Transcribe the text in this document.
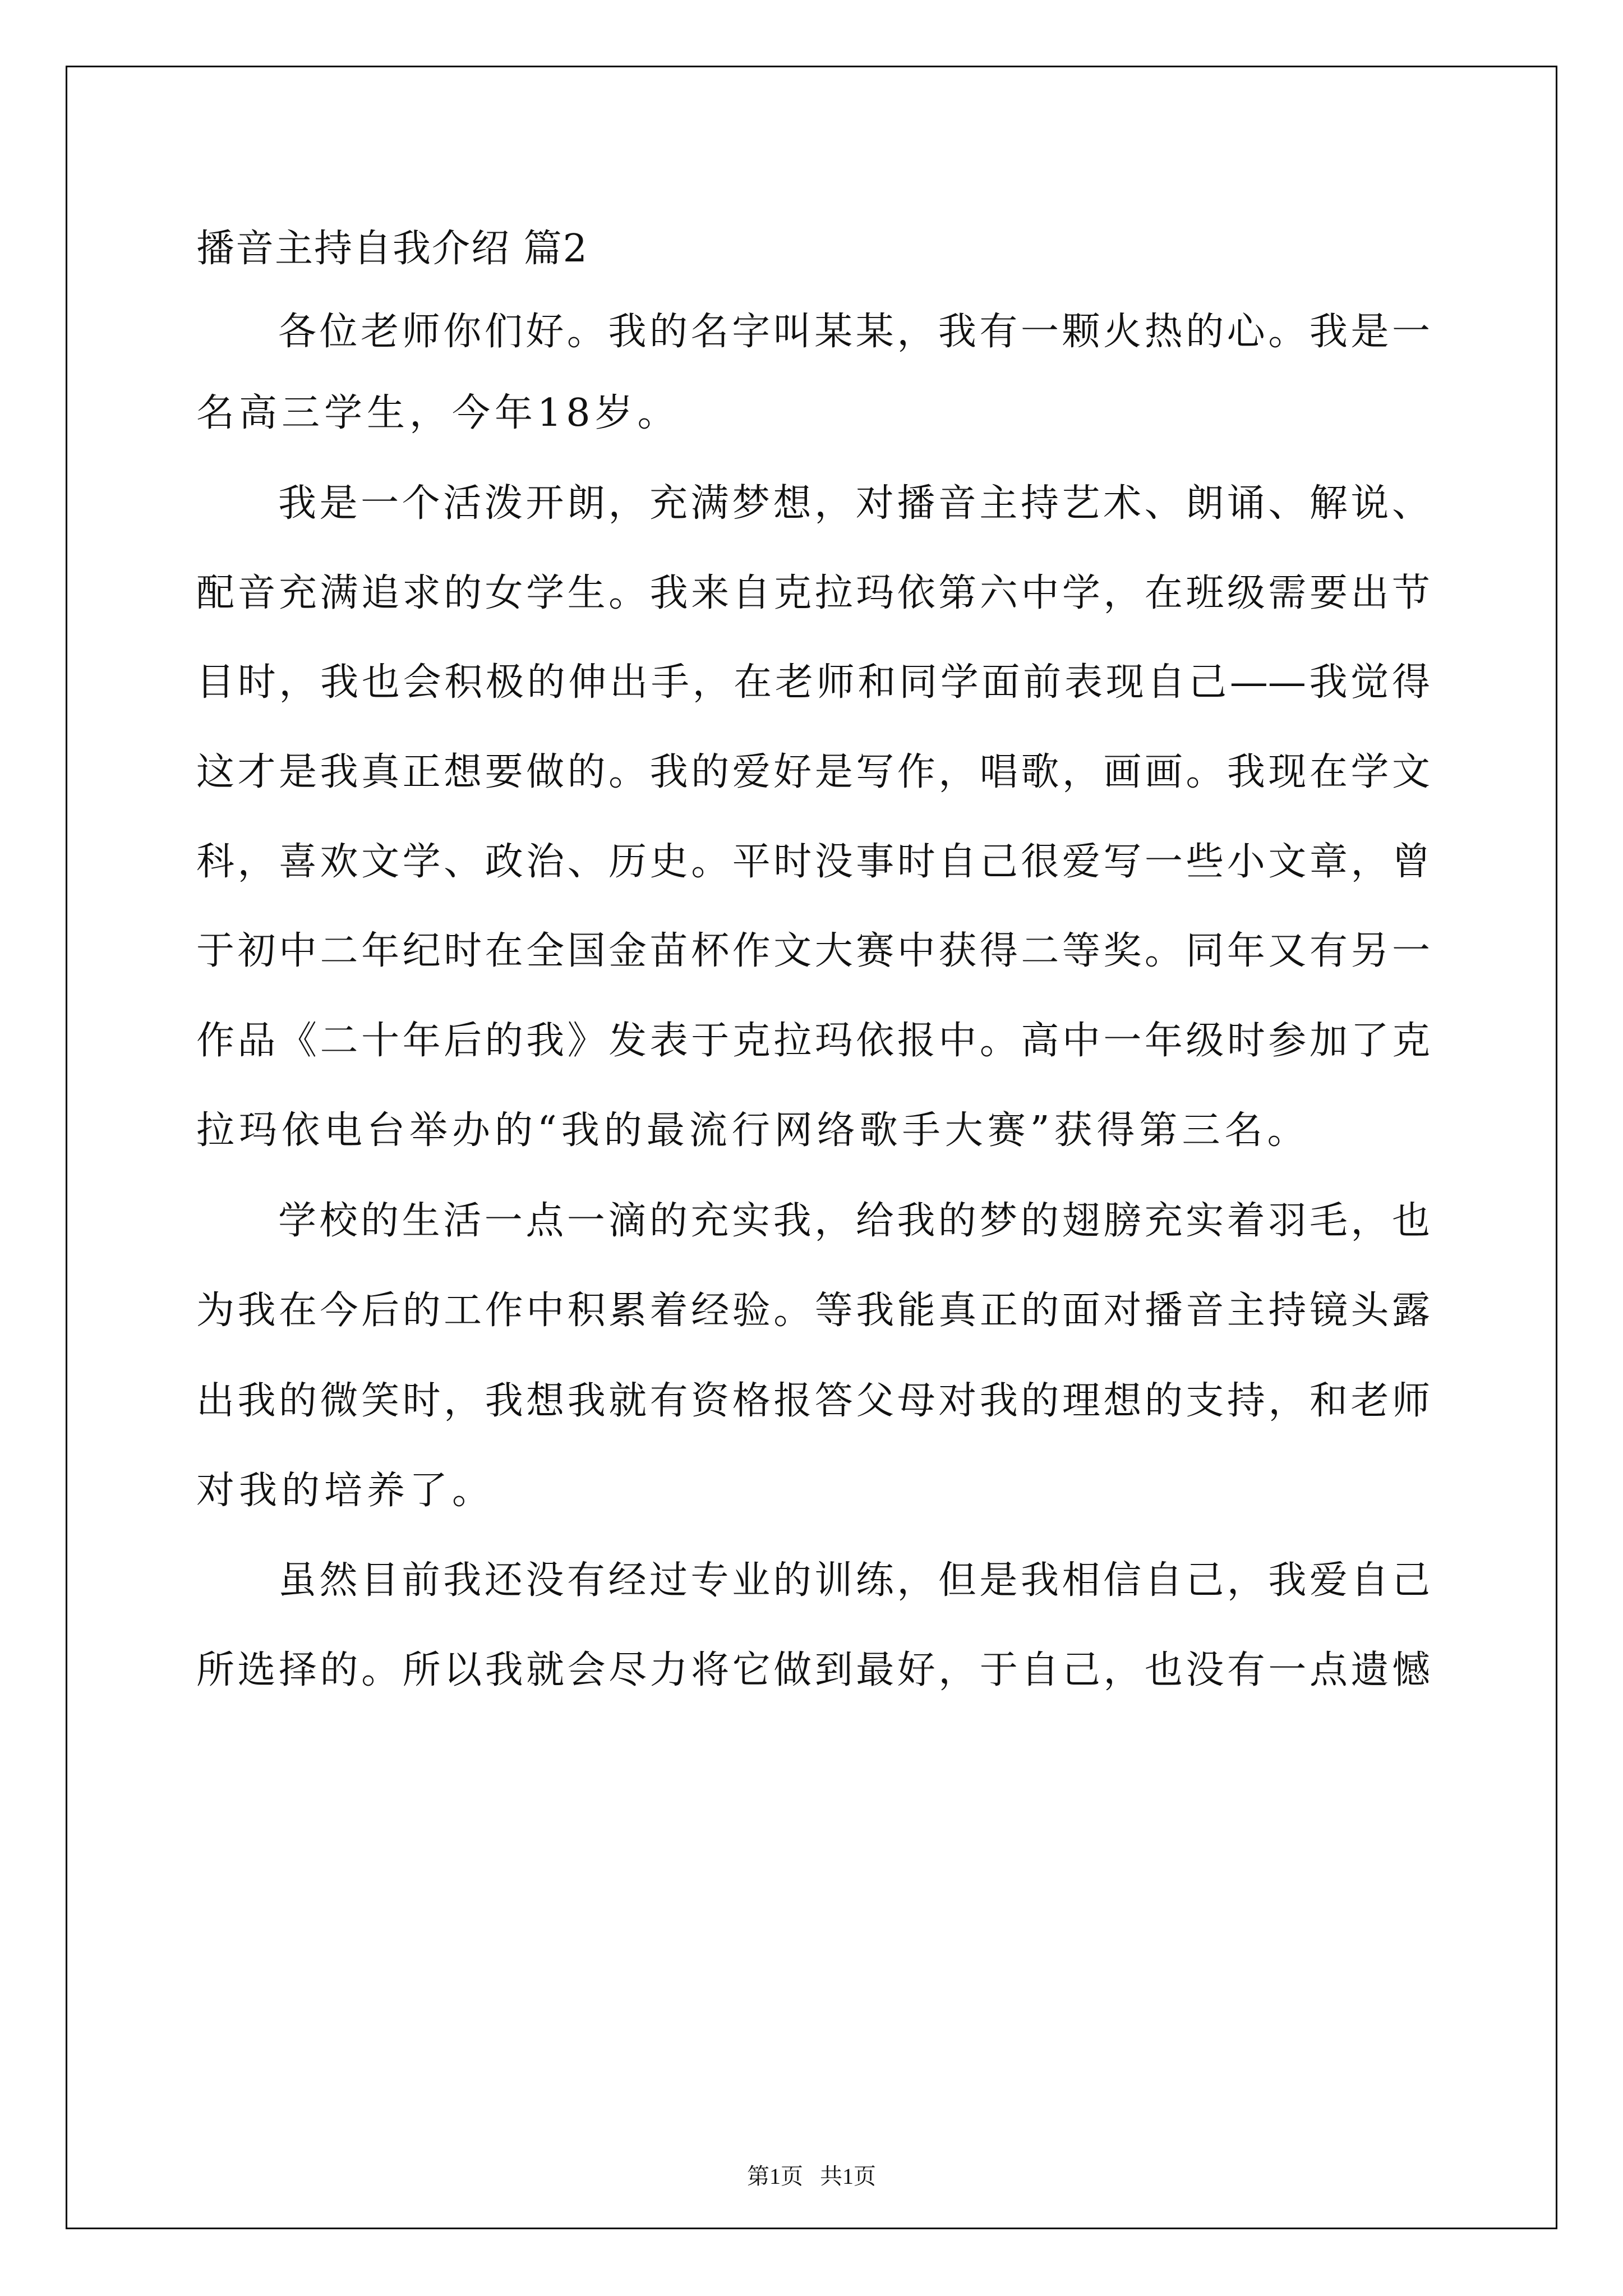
播音主持自我介绍 篇2
各位老师你们好。我的名字叫某某，我有一颗火热的心。我是一
名高三学生，今年18岁。
我是一个活泼开朗，充满梦想，对播音主持艺术、朗诵、解说、
配音充满追求的女学生。我来自克拉玛依第六中学，在班级需要出节
目时，我也会积极的伸出手，在老师和同学面前表现自己——我觉得
这才是我真正想要做的。我的爱好是写作，唱歌，画画。我现在学文
科，喜欢文学、政治、历史。平时没事时自己很爱写一些小文章，曾
于初中二年纪时在全国金苗杯作文大赛中获得二等奖。同年又有另一
作品《二十年后的我》发表于克拉玛依报中。高中一年级时参加了克
拉玛依电台举办的“我的最流行网络歌手大赛”获得第三名。
学校的生活一点一滴的充实我，给我的梦的翅膀充实着羽毛，也
为我在今后的工作中积累着经验。等我能真正的面对播音主持镜头露
出我的微笑时，我想我就有资格报答父母对我的理想的支持，和老师
对我的培养了。
虽然目前我还没有经过专业的训练，但是我相信自己，我爱自己
所选择的。所以我就会尽力将它做到最好，于自己，也没有一点遗憾
第1页   共1页
